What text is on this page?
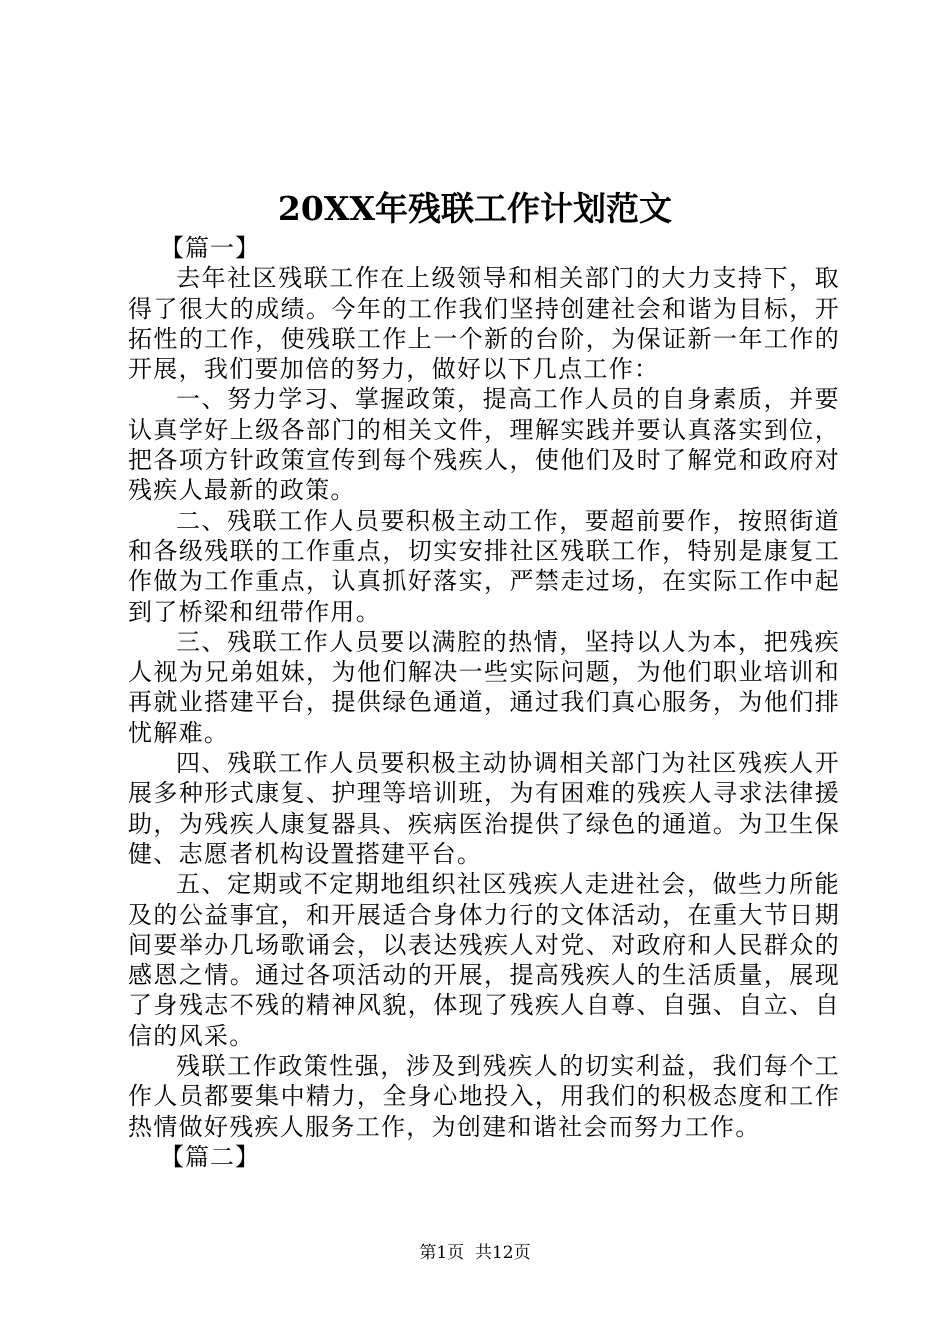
20XX年残联工作计划范文

【篇一】

去年社区残联工作在上级领导和相关部门的大力支持下，取得了很大的成绩。今年的工作我们坚持创建社会和谐为目标，开拓性的工作，使残联工作上一个新的台阶，为保证新一年工作的开展，我们要加倍的努力，做好以下几点工作：

一、努力学习、掌握政策，提高工作人员的自身素质，并要认真学好上级各部门的相关文件，理解实践并要认真落实到位，把各项方针政策宣传到每个残疾人，使他们及时了解党和政府对残疾人最新的政策。

二、残联工作人员要积极主动工作，要超前要作，按照街道和各级残联的工作重点，切实安排社区残联工作，特别是康复工作做为工作重点，认真抓好落实，严禁走过场，在实际工作中起到了桥梁和纽带作用。

三、残联工作人员要以满腔的热情，坚持以人为本，把残疾人视为兄弟姐妹，为他们解决一些实际问题，为他们职业培训和再就业搭建平台，提供绿色通道，通过我们真心服务，为他们排忧解难。

四、残联工作人员要积极主动协调相关部门为社区残疾人开展多种形式康复、护理等培训班，为有困难的残疾人寻求法律援助，为残疾人康复器具、疾病医治提供了绿色的通道。为卫生保健、志愿者机构设置搭建平台。

五、定期或不定期地组织社区残疾人走进社会，做些力所能及的公益事宜，和开展适合身体力行的文体活动，在重大节日期间要举办几场歌诵会，以表达残疾人对党、对政府和人民群众的感恩之情。通过各项活动的开展，提高残疾人的生活质量，展现了身残志不残的精神风貌，体现了残疾人自尊、自强、自立、自信的风采。

残联工作政策性强，涉及到残疾人的切实利益，我们每个工作人员都要集中精力，全身心地投入，用我们的积极态度和工作热情做好残疾人服务工作，为创建和谐社会而努力工作。

【篇二】

第1页  共12页
